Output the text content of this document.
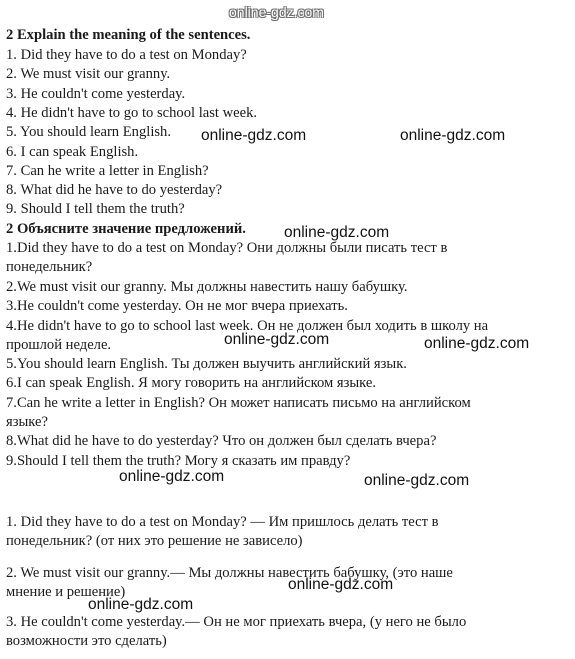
online-gdz.com
2 Explain the meaning of the sentences.
1. Did they have to do a test on Monday?
2. We must visit our granny.
3. He couldn't come yesterday.
4. He didn't have to go to school last week.
5. You should learn English.
6. I can speak English.
7. Can he write a letter in English?
8. What did he have to do yesterday?
9. Should I tell them the truth?
2 Объясните значение предложений.
1.Did they have to do a test on Monday? Они должны были писать тест в
понедельник?
2.We must visit our granny. Мы должны навестить нашу бабушку.
3.He couldn't come yesterday. Он не мог вчера приехать.
4.He didn't have to go to school last week. Он не должен был ходить в школу на
прошлой неделе.
5.You should learn English. Ты должен выучить английский язык.
6.I can speak English. Я могу говорить на английском языке.
7.Can he write a letter in English? Он может написать письмо на английском
языке?
8.What did he have to do yesterday? Что он должен был сделать вчера?
9.Should I tell them the truth? Могу я сказать им правду?
1. Did they have to do a test on Monday? — Им пришлось делать тест в
понедельник? (от них это решение не зависело)
2. We must visit our granny.— Мы должны навестить бабушку, (это наше
мнение и решение)
3. He couldn't come yesterday.— Он не мог приехать вчера, (у него не было
возможности это сделать)
online-gdz.com	online-gdz.com
online-gdz.com
online-gdz.com	online-gdz.com
online-gdz.com	online-gdz.com
online-gdz.com
online-gdz.com
